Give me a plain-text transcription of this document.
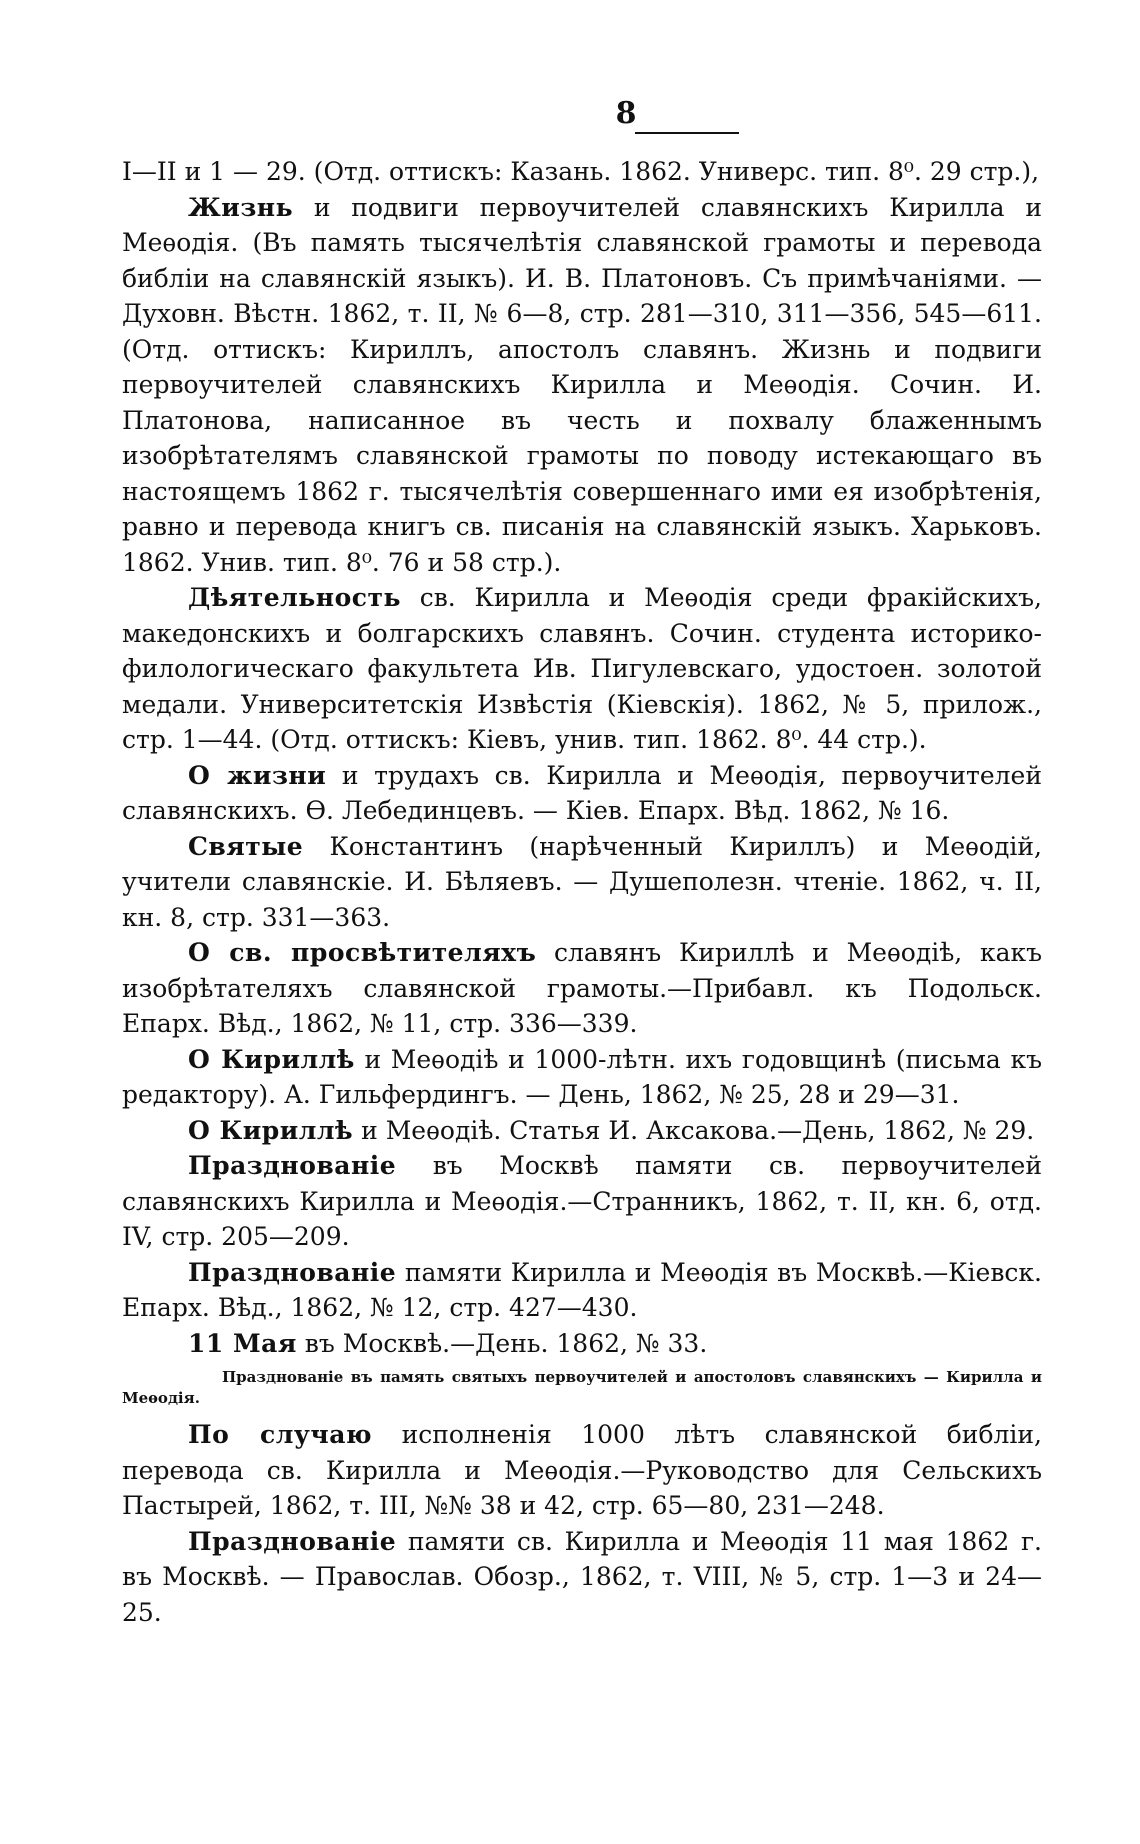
8

I—II и 1 — 29. (Отд. оттискъ: Казань. 1862. Универс. тип. 8⁰. 29 стр.),

Жизнь и подвиги первоучителей славянскихъ Кирилла и Меѳодія. (Въ память тысячелѣтія славянской грамоты и перевода библіи на славянскій языкъ). И. В. Платоновъ. Съ примѣчаніями. — Духовн. Вѣстн. 1862, т. II, № 6—8, стр. 281—310, 311—356, 545—611. (Отд. оттискъ: Кириллъ, апостолъ славянъ. Жизнь и подвиги первоучителей славянскихъ Кирилла и Меѳодія. Сочин. И. Платонова, написанное въ честь и похвалу блаженнымъ изобрѣтателямъ славянской грамоты по поводу истекающаго въ настоящемъ 1862 г. тысячелѣтія совершеннаго ими ея изобрѣтенія, равно и перевода книгъ св. писанія на славянскій языкъ. Харьковъ. 1862. Унив. тип. 8⁰. 76 и 58 стр.).

Дѣятельность св. Кирилла и Меѳодія среди фракійскихъ, македонскихъ и болгарскихъ славянъ. Сочин. студента историко-филологическаго факультета Ив. Пигулевскаго, удостоен. золотой медали. Университетскія Извѣстія (Кіевскія). 1862, № 5, прилож., стр. 1—44. (Отд. оттискъ: Кіевъ, унив. тип. 1862. 8⁰. 44 стр.).

О жизни и трудахъ св. Кирилла и Меѳодія, первоучителей славянскихъ. Ѳ. Лебединцевъ. — Кіев. Епарх. Вѣд. 1862, № 16.

Святые Константинъ (нарѣченный Кириллъ) и Меѳодій, учители славянскіе. И. Бѣляевъ. — Душеполезн. чтеніе. 1862, ч. II, кн. 8, стр. 331—363.

О св. просвѣтителяхъ славянъ Кириллѣ и Меѳодіѣ, какъ изобрѣтателяхъ славянской грамоты.—Прибавл. къ Подольск. Епарх. Вѣд., 1862, № 11, стр. 336—339.

О Кириллѣ и Меѳодіѣ и 1000-лѣтн. ихъ годовщинѣ (письма къ редактору). А. Гильфердингъ. — День, 1862, № 25, 28 и 29—31.

О Кириллѣ и Меѳодіѣ. Статья И. Аксакова.—День, 1862, № 29.

Празднованіе въ Москвѣ памяти св. первоучителей славянскихъ Кирилла и Меѳодія.—Странникъ, 1862, т. II, кн. 6, отд. IV, стр. 205—209.

Празднованіе памяти Кирилла и Меѳодія въ Москвѣ.—Кіевск. Епарх. Вѣд., 1862, № 12, стр. 427—430.

11 Мая въ Москвѣ.—День. 1862, № 33.

Празднованіе въ память святыхъ первоучителей и апостоловъ славянскихъ — Кирилла и Меѳодія.

По случаю исполненія 1000 лѣтъ славянской библіи, перевода св. Кирилла и Меѳодія.—Руководство для Сельскихъ Пастырей, 1862, т. III, №№ 38 и 42, стр. 65—80, 231—248.

Празднованіе памяти св. Кирилла и Меѳодія 11 мая 1862 г. въ Москвѣ. — Православ. Обозр., 1862, т. VIII, № 5, стр. 1—3 и 24—25.
